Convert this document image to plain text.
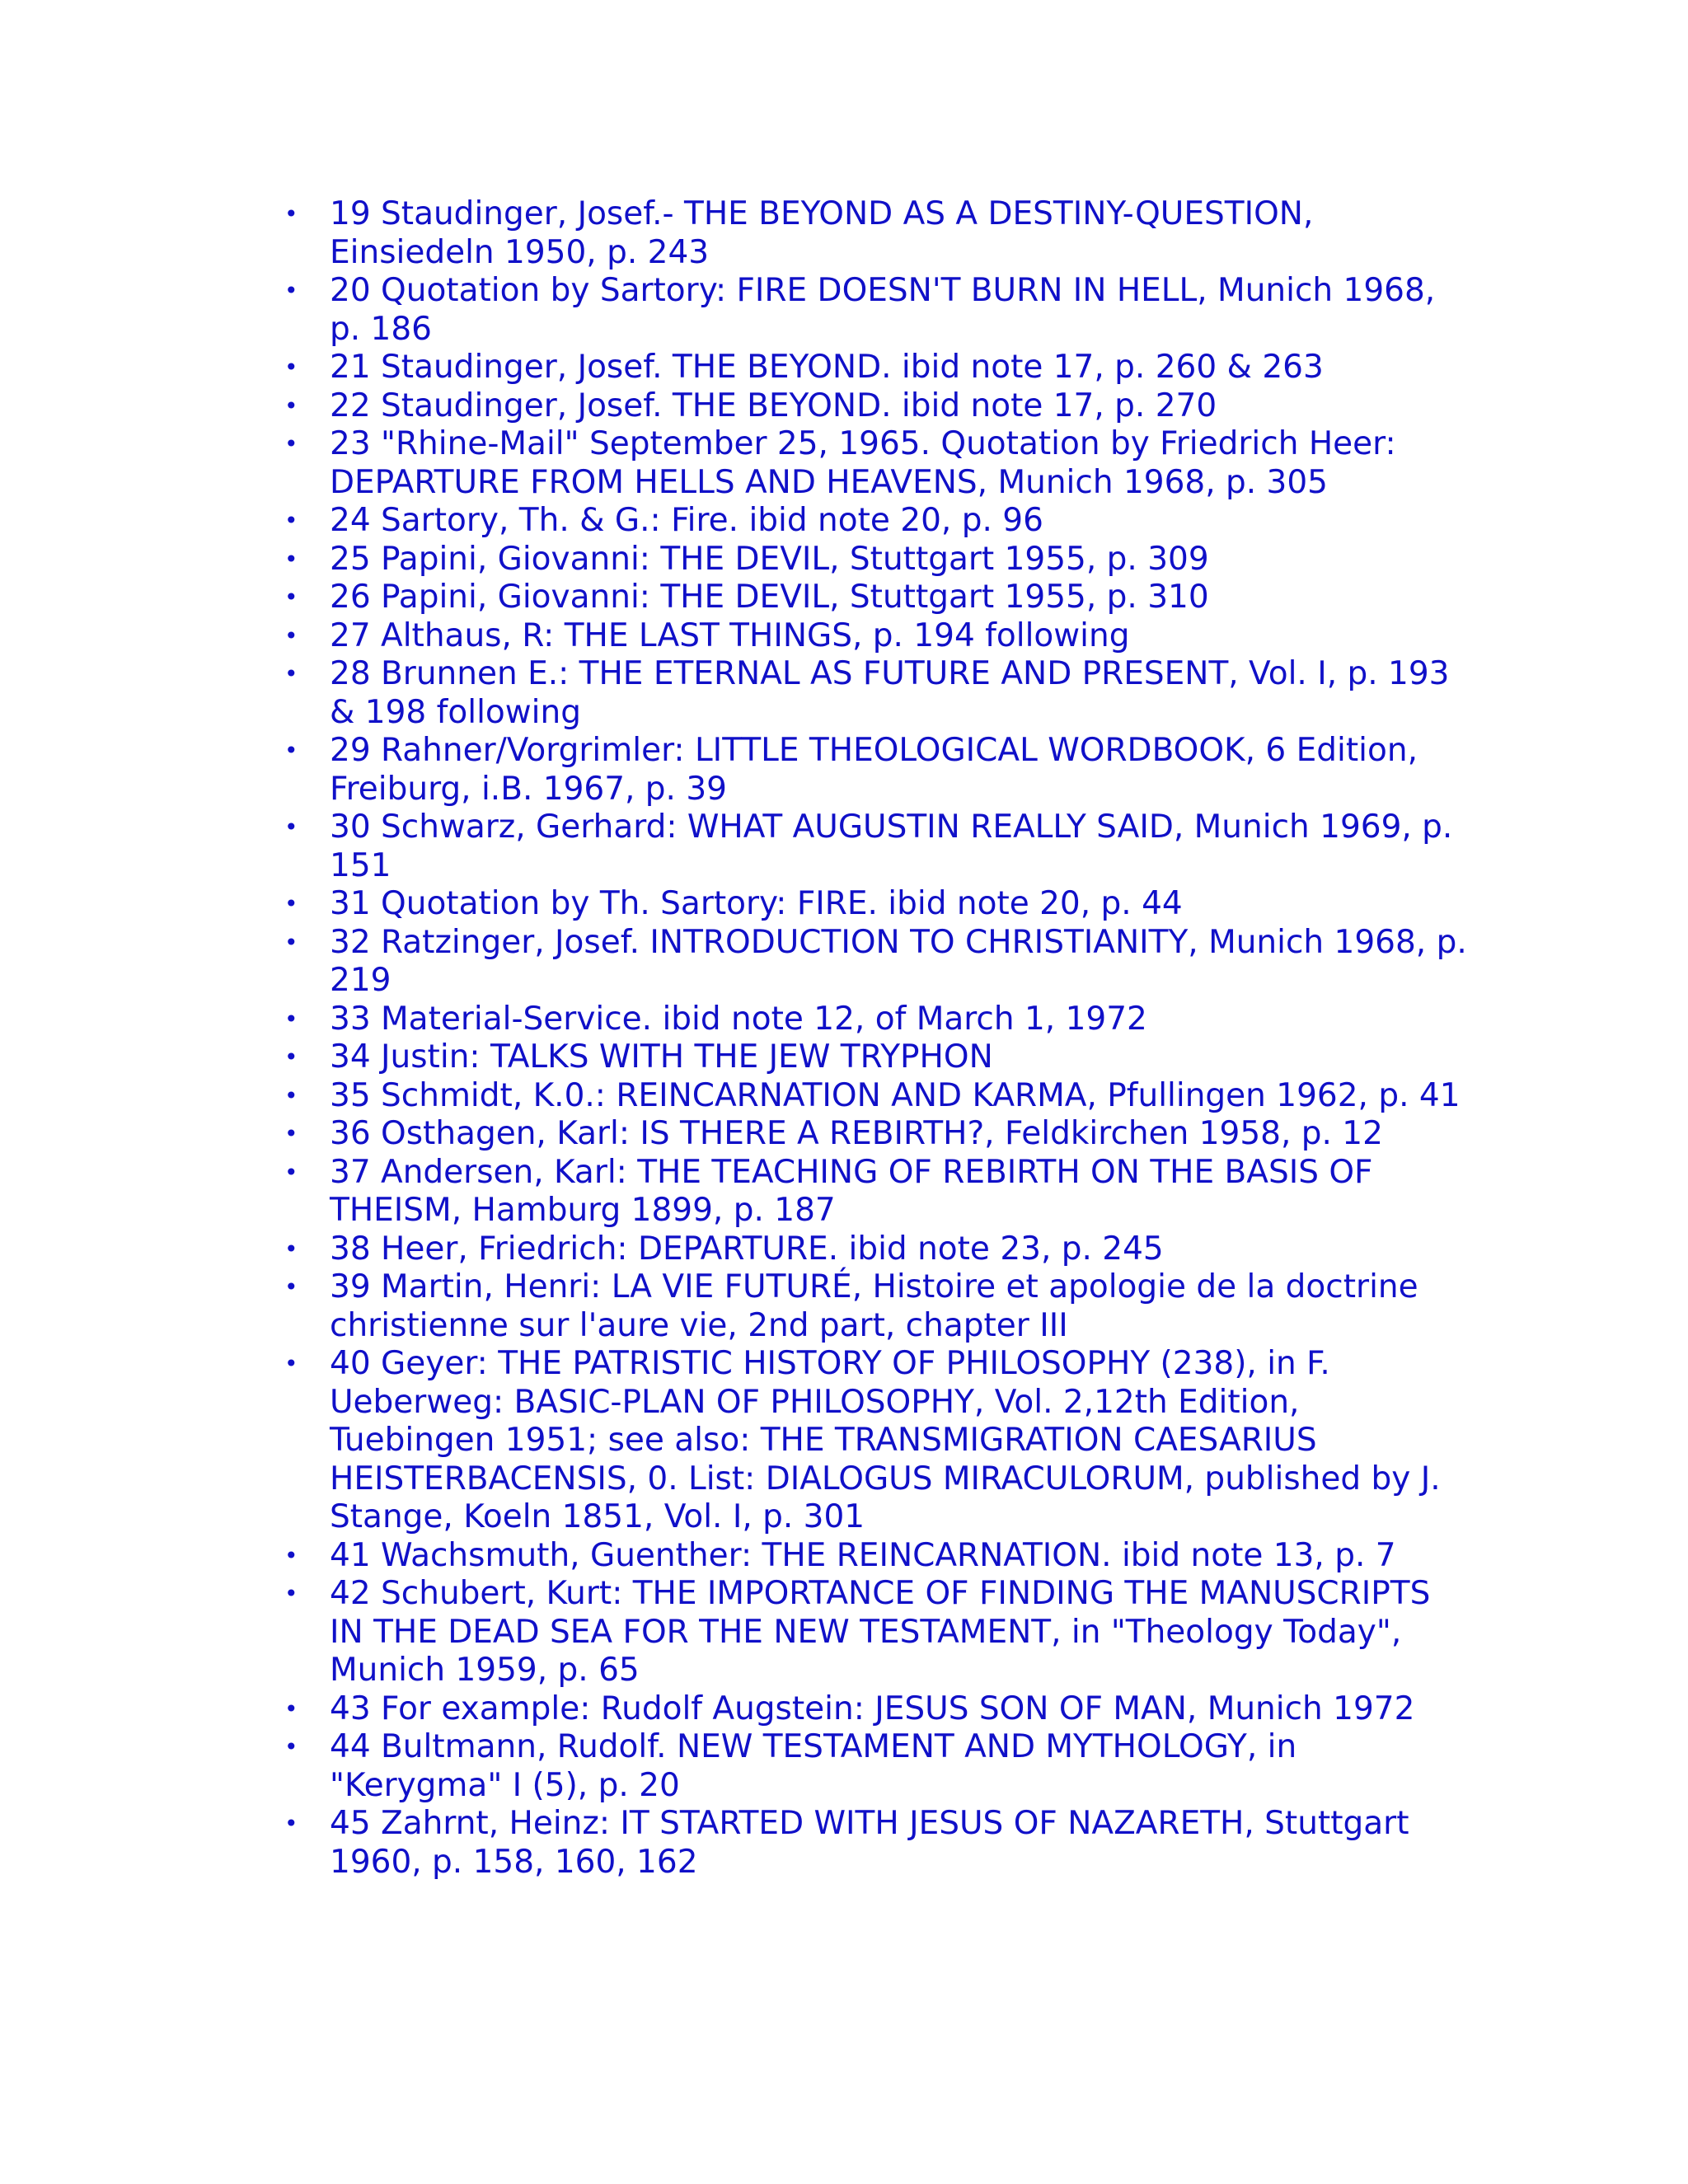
• 19 Staudinger, Josef.- THE BEYOND AS A DESTINY-QUESTION, Einsiedeln 1950, p. 243
• 20 Quotation by Sartory: FIRE DOESN'T BURN IN HELL, Munich 1968, p. 186
• 21 Staudinger, Josef. THE BEYOND. ibid note 17, p. 260 & 263
• 22 Staudinger, Josef. THE BEYOND. ibid note 17, p. 270
• 23 "Rhine-Mail" September 25, 1965. Quotation by Friedrich Heer: DEPARTURE FROM HELLS AND HEAVENS, Munich 1968, p. 305
• 24 Sartory, Th. & G.: Fire. ibid note 20, p. 96
• 25 Papini, Giovanni: THE DEVIL, Stuttgart 1955, p. 309
• 26 Papini, Giovanni: THE DEVIL, Stuttgart 1955, p. 310
• 27 Althaus, R: THE LAST THINGS, p. 194 following
• 28 Brunnen E.: THE ETERNAL AS FUTURE AND PRESENT, Vol. I, p. 193 & 198 following
• 29 Rahner/Vorgrimler: LITTLE THEOLOGICAL WORDBOOK, 6 Edition, Freiburg, i.B. 1967, p. 39
• 30 Schwarz, Gerhard: WHAT AUGUSTIN REALLY SAID, Munich 1969, p. 151
• 31 Quotation by Th. Sartory: FIRE. ibid note 20, p. 44
• 32 Ratzinger, Josef. INTRODUCTION TO CHRISTIANITY, Munich 1968, p. 219
• 33 Material-Service. ibid note 12, of March 1, 1972
• 34 Justin: TALKS WITH THE JEW TRYPHON
• 35 Schmidt, K.0.: REINCARNATION AND KARMA, Pfullingen 1962, p. 41
• 36 Osthagen, Karl: IS THERE A REBIRTH?, Feldkirchen 1958, p. 12
• 37 Andersen, Karl: THE TEACHING OF REBIRTH ON THE BASIS OF THEISM, Hamburg 1899, p. 187
• 38 Heer, Friedrich: DEPARTURE. ibid note 23, p. 245
• 39 Martin, Henri: LA VIE FUTURÉ, Histoire et apologie de la doctrine christienne sur l'aure vie, 2nd part, chapter III
• 40 Geyer: THE PATRISTIC HISTORY OF PHILOSOPHY (238), in F. Ueberweg: BASIC-PLAN OF PHILOSOPHY, Vol. 2,12th Edition, Tuebingen 1951; see also: THE TRANSMIGRATION CAESARIUS HEISTERBACENSIS, 0. List: DIALOGUS MIRACULORUM, published by J. Stange, Koeln 1851, Vol. I, p. 301
• 41 Wachsmuth, Guenther: THE REINCARNATION. ibid note 13, p. 7
• 42 Schubert, Kurt: THE IMPORTANCE OF FINDING THE MANUSCRIPTS IN THE DEAD SEA FOR THE NEW TESTAMENT, in "Theology Today", Munich 1959, p. 65
• 43 For example: Rudolf Augstein: JESUS SON OF MAN, Munich 1972
• 44 Bultmann, Rudolf. NEW TESTAMENT AND MYTHOLOGY, in "Kerygma" I (5), p. 20
• 45 Zahrnt, Heinz: IT STARTED WITH JESUS OF NAZARETH, Stuttgart 1960, p. 158, 160, 162
